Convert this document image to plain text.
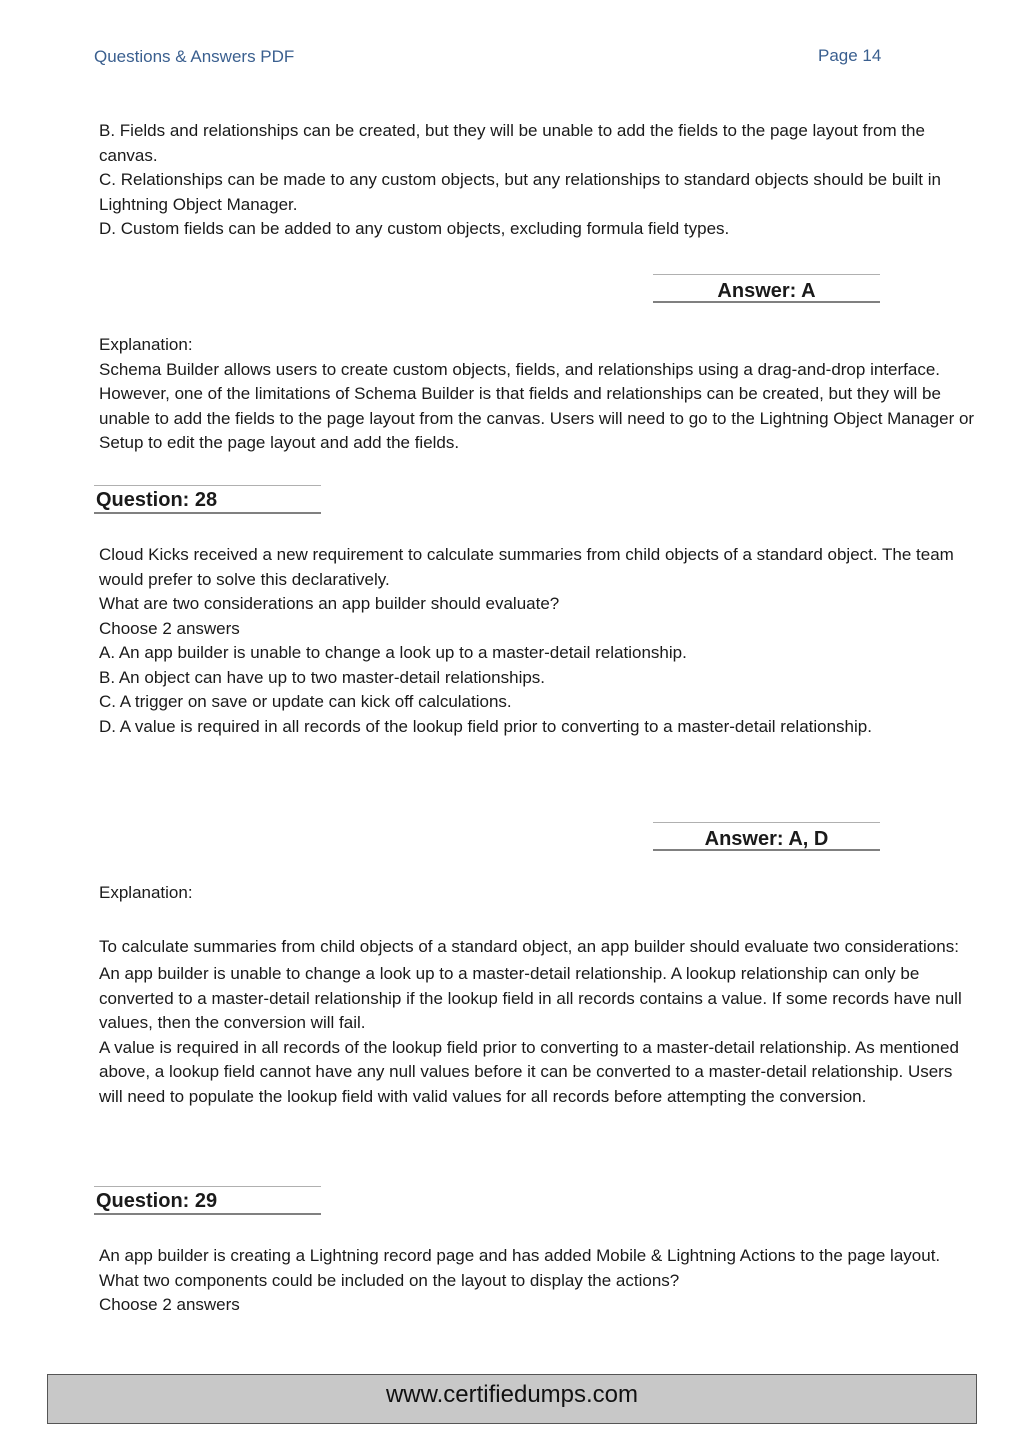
Questions & Answers PDF	Page 14

B. Fields and relationships can be created, but they will be unable to add the fields to the page layout from the canvas.

C. Relationships can be made to any custom objects, but any relationships to standard objects should be built in Lightning Object Manager.

D. Custom fields can be added to any custom objects, excluding formula field types.

Answer: A

Explanation:

Schema Builder allows users to create custom objects, fields, and relationships using a drag-and-drop interface. However, one of the limitations of Schema Builder is that fields and relationships can be created, but they will be unable to add the fields to the page layout from the canvas. Users will need to go to the Lightning Object Manager or Setup to edit the page layout and add the fields.

Question: 28

Cloud Kicks received a new requirement to calculate summaries from child objects of a standard object. The team would prefer to solve this declaratively.

What are two considerations an app builder should evaluate?

Choose 2 answers

A. An app builder is unable to change a look up to a master-detail relationship.

B. An object can have up to two master-detail relationships.

C. A trigger on save or update can kick off calculations.

D. A value is required in all records of the lookup field prior to converting to a master-detail relationship.

Answer: A, D

Explanation:

To calculate summaries from child objects of a standard object, an app builder should evaluate two considerations:

An app builder is unable to change a look up to a master-detail relationship. A lookup relationship can only be converted to a master-detail relationship if the lookup field in all records contains a value. If some records have null values, then the conversion will fail.

A value is required in all records of the lookup field prior to converting to a master-detail relationship. As mentioned above, a lookup field cannot have any null values before it can be converted to a master-detail relationship. Users will need to populate the lookup field with valid values for all records before attempting the conversion.

Question: 29

An app builder is creating a Lightning record page and has added Mobile & Lightning Actions to the page layout.

What two components could be included on the layout to display the actions?

Choose 2 answers

www.certifiedumps.com
